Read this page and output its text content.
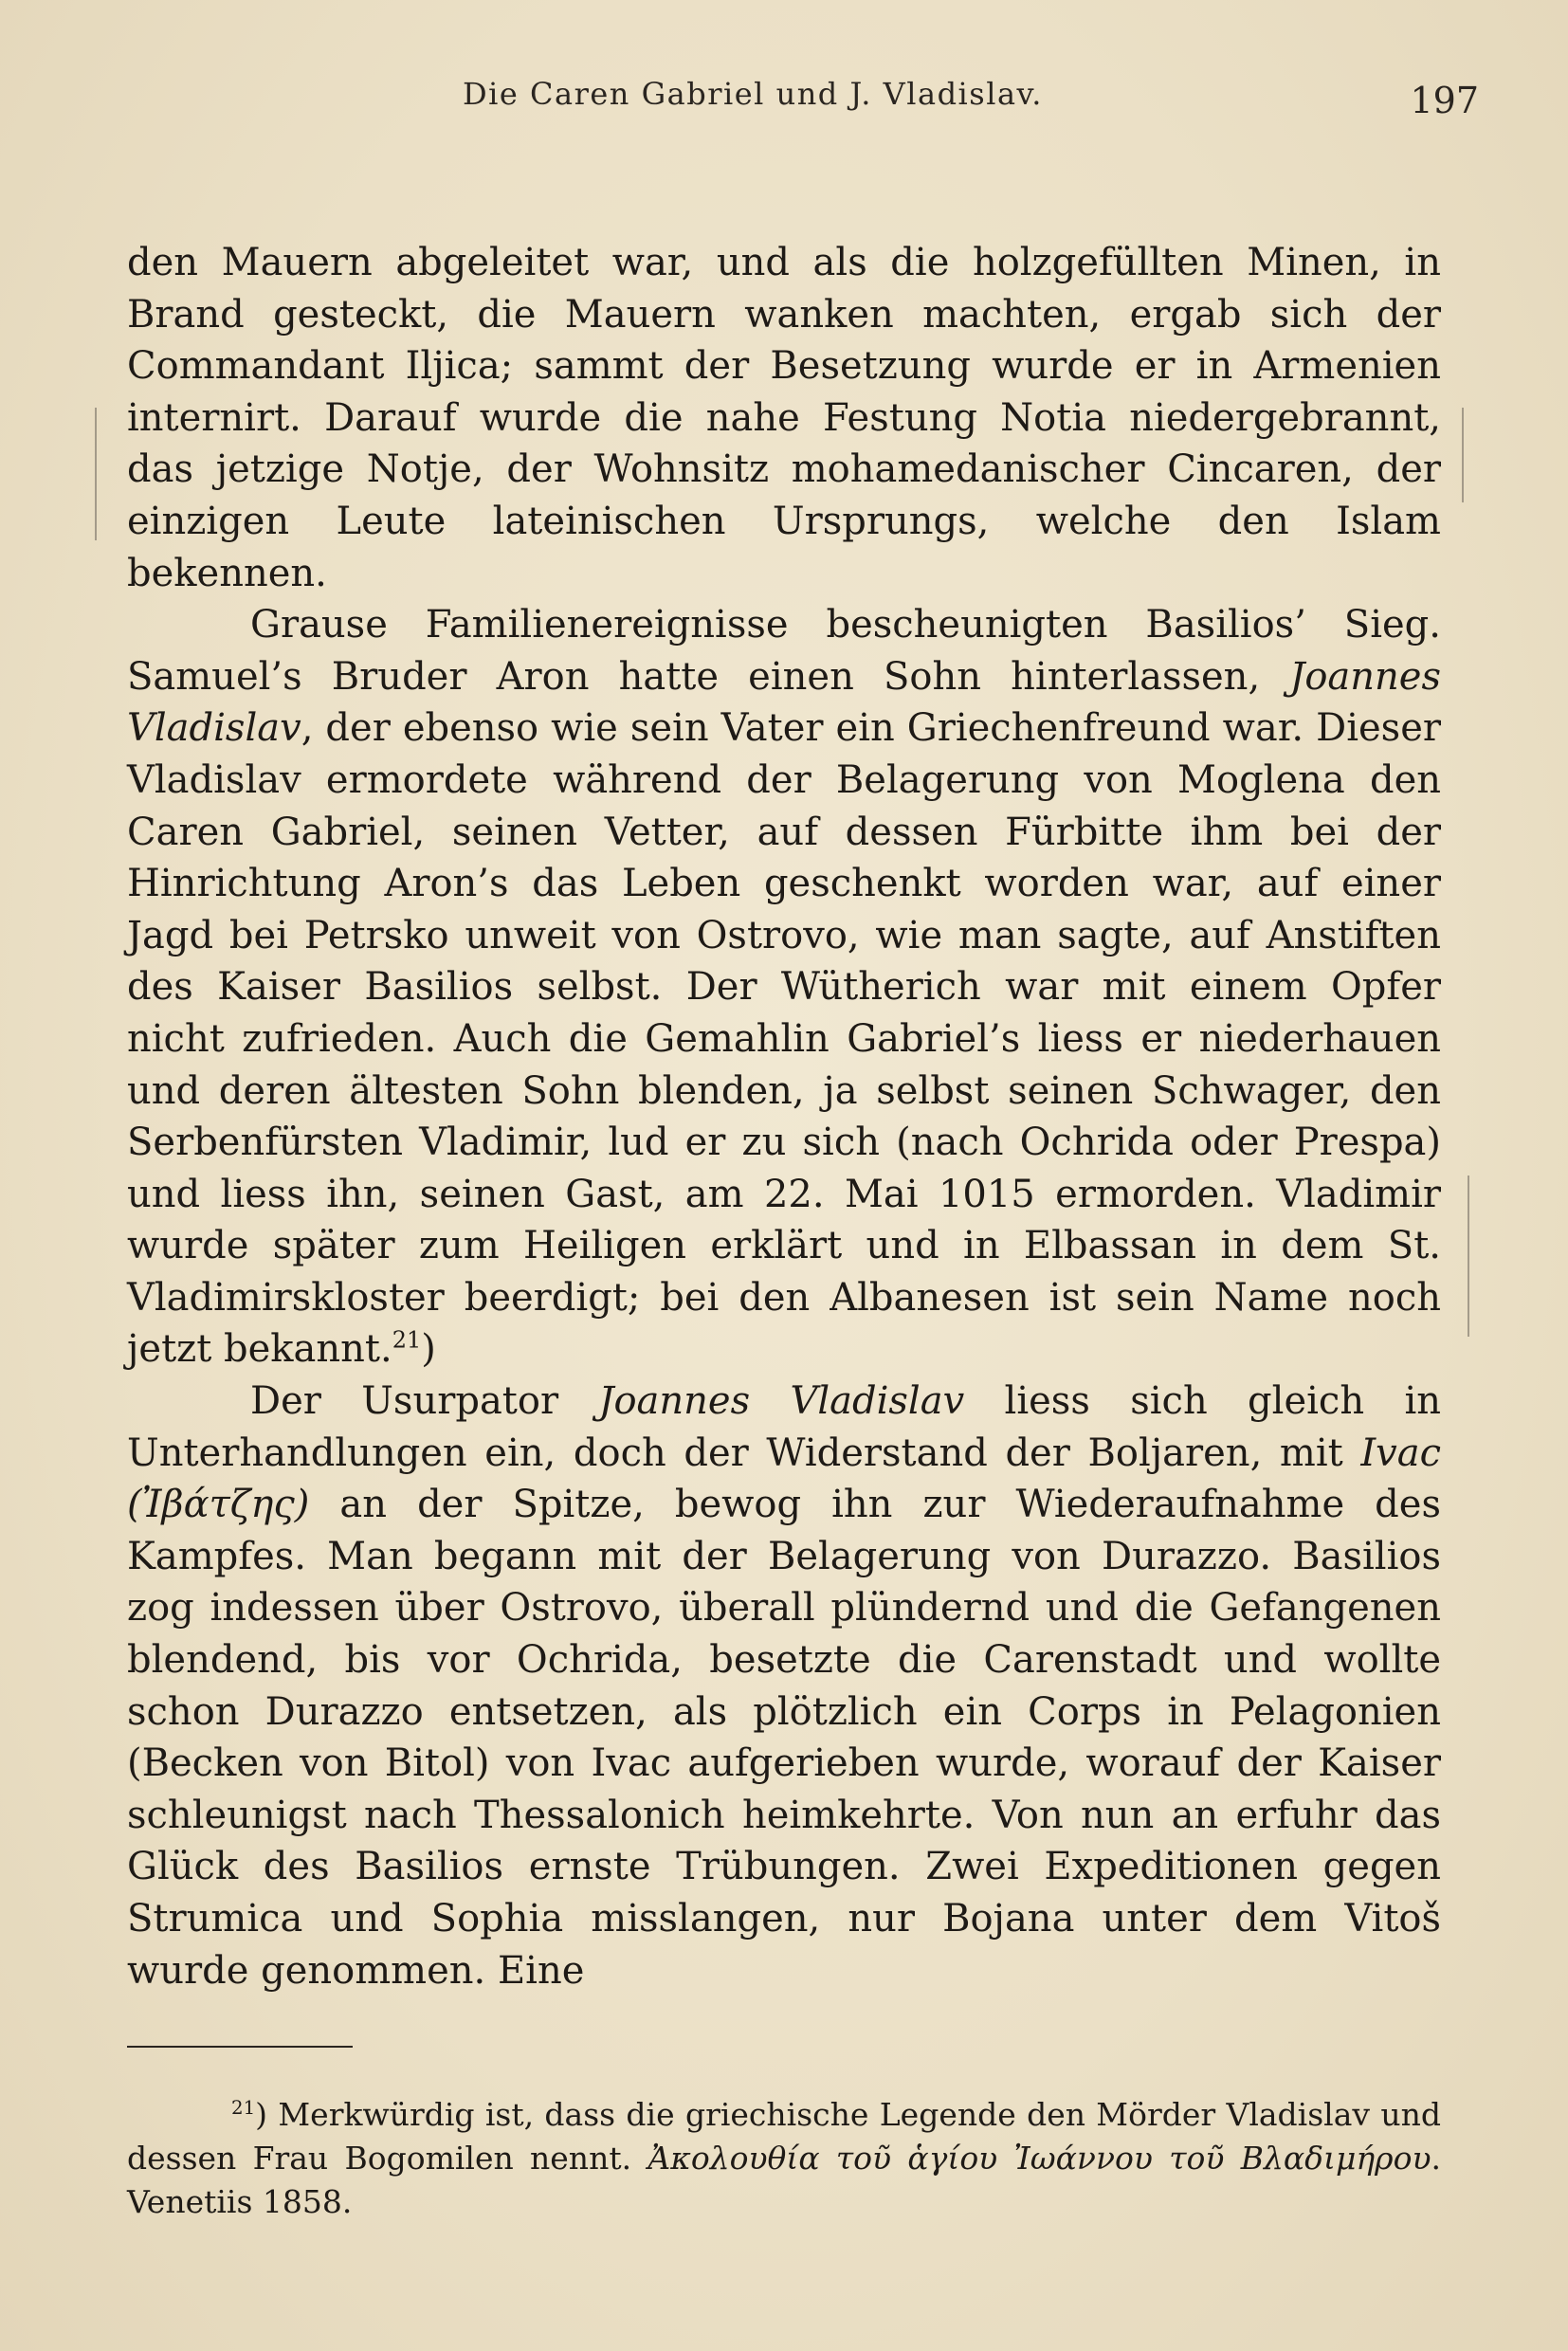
Die Caren Gabriel und J. Vladislav.	197

den Mauern abgeleitet war, und als die holzgefüllten Minen, in Brand gesteckt, die Mauern wanken machten, ergab sich der Commandant Iljica; sammt der Besetzung wurde er in Armenien internirt. Darauf wurde die nahe Festung Notia niedergebrannt, das jetzige Notje, der Wohnsitz mohamedanischer Cincaren, der einzigen Leute lateinischen Ursprungs, welche den Islam bekennen.

Grause Familienereignisse bescheunigten Basilios’ Sieg. Samuel’s Bruder Aron hatte einen Sohn hinterlassen, Joannes Vladislav, der ebenso wie sein Vater ein Griechenfreund war. Dieser Vladislav ermordete während der Belagerung von Moglena den Caren Gabriel, seinen Vetter, auf dessen Fürbitte ihm bei der Hinrichtung Aron’s das Leben geschenkt worden war, auf einer Jagd bei Petrsko unweit von Ostrovo, wie man sagte, auf Anstiften des Kaiser Basilios selbst. Der Wütherich war mit einem Opfer nicht zufrieden. Auch die Gemahlin Gabriel’s liess er niederhauen und deren ältesten Sohn blenden, ja selbst seinen Schwager, den Serbenfürsten Vladimir, lud er zu sich (nach Ochrida oder Prespa) und liess ihn, seinen Gast, am 22. Mai 1015 ermorden. Vladimir wurde später zum Heiligen erklärt und in Elbassan in dem St. Vladimirskloster beerdigt; bei den Albanesen ist sein Name noch jetzt bekannt.$^{21}$)

Der Usurpator Joannes Vladislav liess sich gleich in Unterhandlungen ein, doch der Widerstand der Boljaren, mit Ivac (Ἰβάτζης) an der Spitze, bewog ihn zur Wiederaufnahme des Kampfes. Man begann mit der Belagerung von Durazzo. Basilios zog indessen über Ostrovo, überall plündernd und die Gefangenen blendend, bis vor Ochrida, besetzte die Carenstadt und wollte schon Durazzo entsetzen, als plötzlich ein Corps in Pelagonien (Becken von Bitol) von Ivac aufgerieben wurde, worauf der Kaiser schleunigst nach Thessalonich heimkehrte. Von nun an erfuhr das Glück des Basilios ernste Trübungen. Zwei Expeditionen gegen Strumica und Sophia misslangen, nur Bojana unter dem Vitoš wurde genommen. Eine

$^{21}$) Merkwürdig ist, dass die griechische Legende den Mörder Vladislav und dessen Frau Bogomilen nennt. Ἀκολουθία τοῦ ἁγίου Ἰωάννου τοῦ Βλαδιμήρου. Venetiis 1858.
